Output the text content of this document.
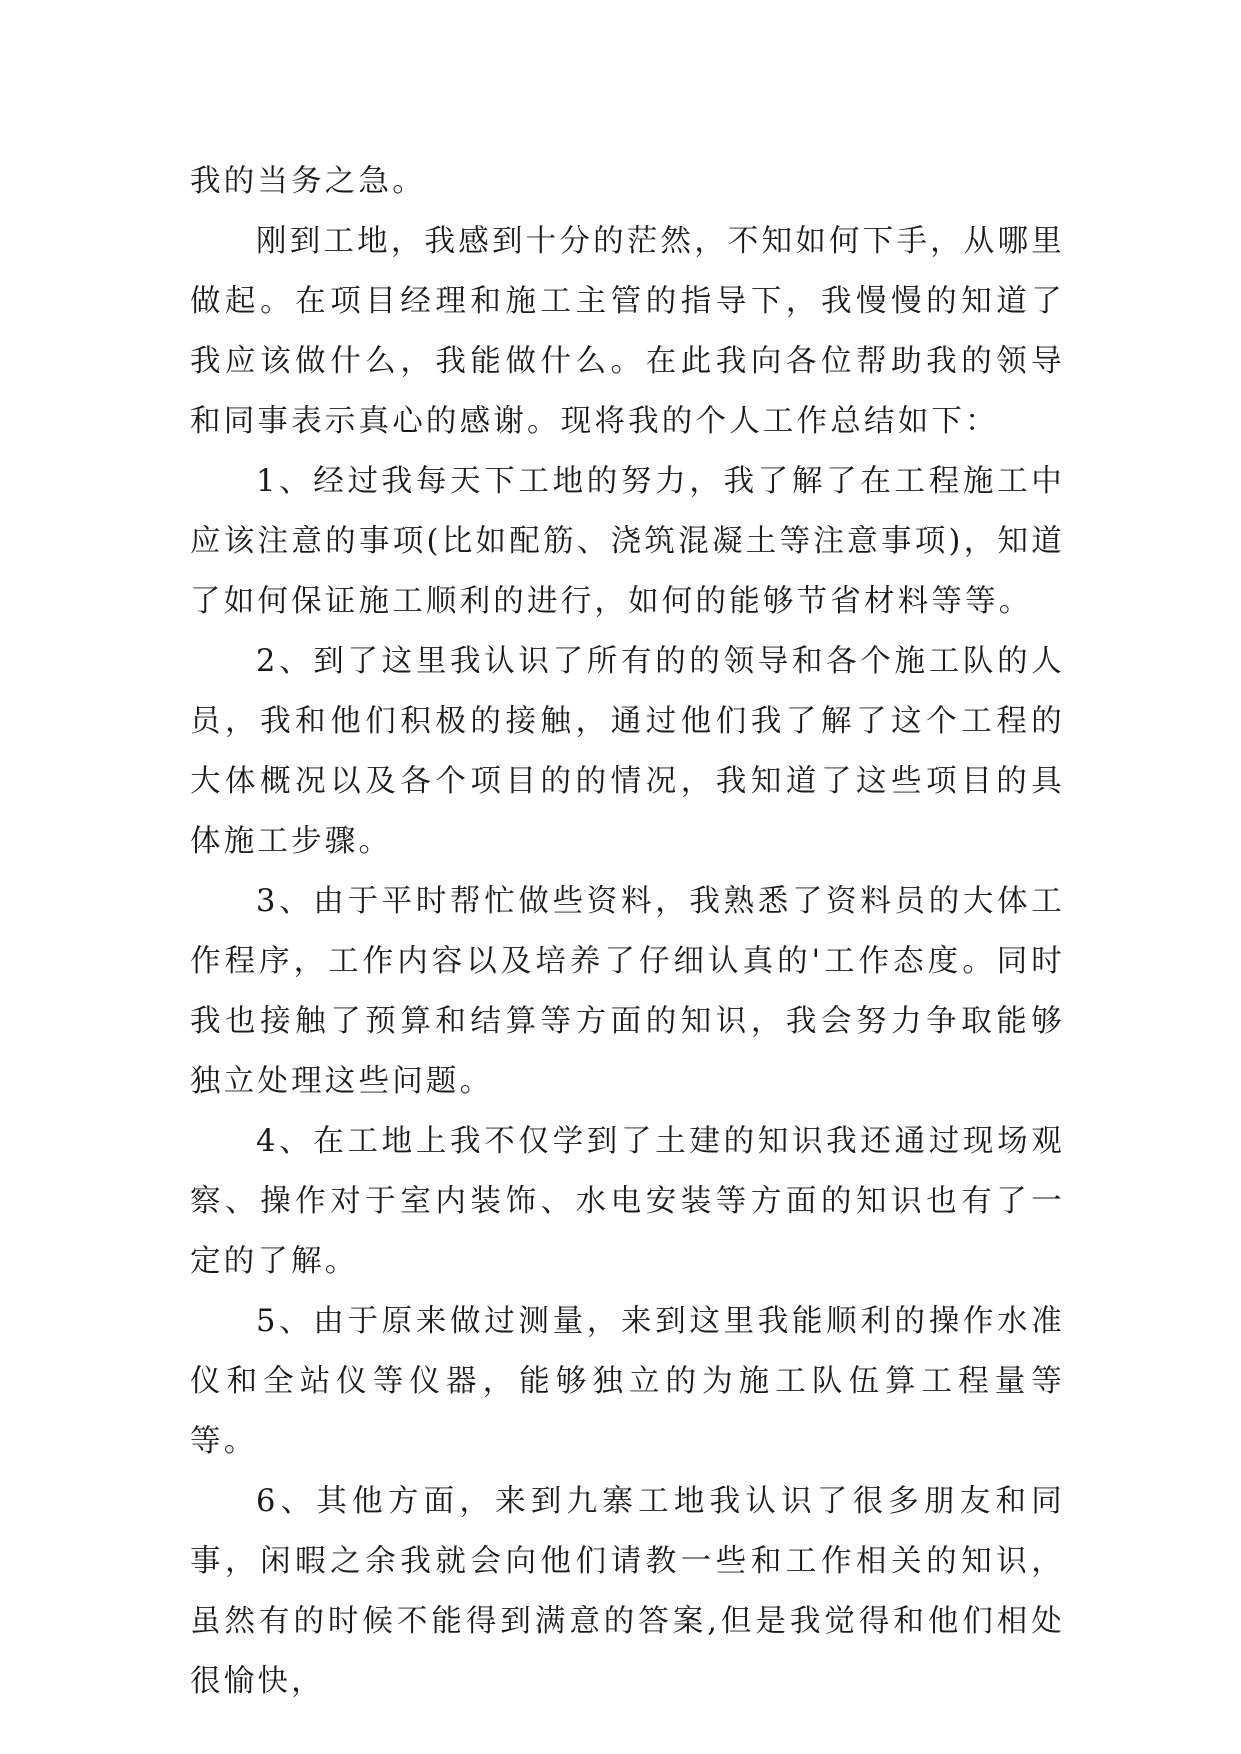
我的当务之急。

刚到工地，我感到十分的茫然，不知如何下手，从哪里做起。在项目经理和施工主管的指导下，我慢慢的知道了我应该做什么，我能做什么。在此我向各位帮助我的领导和同事表示真心的感谢。现将我的个人工作总结如下：

1、经过我每天下工地的努力，我了解了在工程施工中应该注意的事项(比如配筋、浇筑混凝土等注意事项)，知道了如何保证施工顺利的进行，如何的能够节省材料等等。

2、到了这里我认识了所有的的领导和各个施工队的人员，我和他们积极的接触，通过他们我了解了这个工程的大体概况以及各个项目的的情况，我知道了这些项目的具体施工步骤。

3、由于平时帮忙做些资料，我熟悉了资料员的大体工作程序，工作内容以及培养了仔细认真的'工作态度。同时我也接触了预算和结算等方面的知识，我会努力争取能够独立处理这些问题。

4、在工地上我不仅学到了土建的知识我还通过现场观察、操作对于室内装饰、水电安装等方面的知识也有了一定的了解。

5、由于原来做过测量，来到这里我能顺利的操作水准仪和全站仪等仪器，能够独立的为施工队伍算工程量等等。

6、其他方面，来到九寨工地我认识了很多朋友和同事，闲暇之余我就会向他们请教一些和工作相关的知识，虽然有的时候不能得到满意的答案,但是我觉得和他们相处很愉快，
